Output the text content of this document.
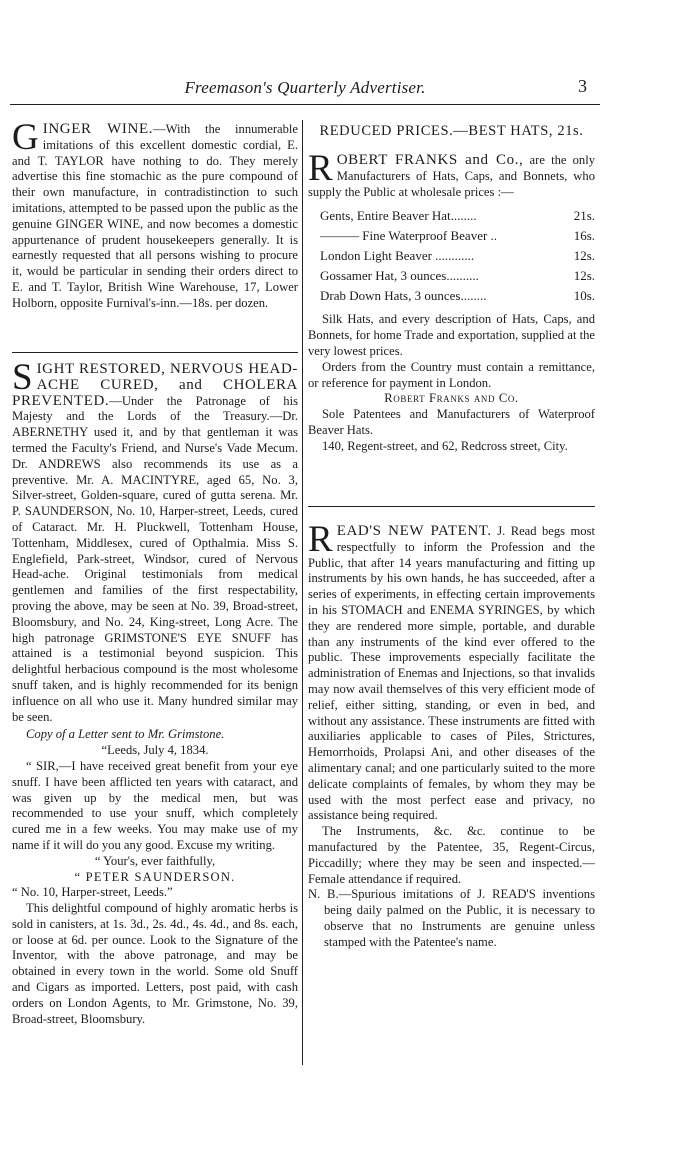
Freemason's Quarterly Advertiser.	3

GINGER WINE.—With the innumerable imitations of this excellent domestic cordial, E. and T. TAYLOR have nothing to do. They merely advertise this fine stomachic as the pure compound of their own manufacture, in contradistinction to such imitations, attempted to be passed upon the public as the genuine GINGER WINE, and now becomes a domestic appurtenance of prudent housekeepers generally. It is earnestly requested that all persons wishing to procure it, would be particular in sending their orders direct to E. and T. Taylor, British Wine Warehouse, 17, Lower Holborn, opposite Furnival's-inn.—18s. per dozen.

SIGHT RESTORED, NERVOUS HEAD-ACHE CURED, and CHOLERA PREVENTED.—Under the Patronage of his Majesty and the Lords of the Treasury.—Dr. ABERNETHY used it, and by that gentleman it was termed the Faculty's Friend, and Nurse's Vade Mecum. Dr. ANDREWS also recommends its use as a preventive. Mr. A. MACINTYRE, aged 65, No. 3, Silver-street, Golden-square, cured of gutta serena. Mr. P. SAUNDERSON, No. 10, Harper-street, Leeds, cured of Cataract. Mr. H. Pluckwell, Tottenham House, Tottenham, Middlesex, cured of Opthalmia. Miss S. Englefield, Park-street, Windsor, cured of Nervous Head-ache. Original testimonials from medical gentlemen and families of the first respectability, proving the above, may be seen at No. 39, Broad-street, Bloomsbury, and No. 24, King-street, Long Acre. The high patronage GRIMSTONE'S EYE SNUFF has attained is a testimonial beyond suspicion. This delightful herbacious compound is the most wholesome snuff taken, and is highly recommended for its benign influence on all who use it. Many hundred similar may be seen.

Copy of a Letter sent to Mr. Grimstone.

“Leeds, July 4, 1834.

“ SIR,—I have received great benefit from your eye snuff. I have been afflicted ten years with cataract, and was given up by the medical men, but was recommended to use your snuff, which completely cured me in a few weeks. You may make use of my name if it will do you any good. Excuse my writing.

“ Your's, ever faithfully,

“ PETER SAUNDERSON.

“ No. 10, Harper-street, Leeds.”

This delightful compound of highly aromatic herbs is sold in canisters, at 1s. 3d., 2s. 4d., 4s. 4d., and 8s. each, or loose at 6d. per ounce. Look to the Signature of the Inventor, with the above patronage, and may be obtained in every town in the world. Some old Snuff and Cigars as imported. Letters, post paid, with cash orders on London Agents, to Mr. Grimstone, No. 39, Broad-street, Bloomsbury.

REDUCED PRICES.—BEST HATS, 21s.

ROBERT FRANKS and Co., are the only Manufacturers of Hats, Caps, and Bonnets, who supply the Public at wholesale prices :—

Gents, Entire Beaver Hat........	21s.
——— Fine Waterproof Beaver ..	16s.
London Light Beaver ............	12s.
Gossamer Hat, 3 ounces..........	12s.
Drab Down Hats, 3 ounces........	10s.

Silk Hats, and every description of Hats, Caps, and Bonnets, for home Trade and exportation, supplied at the very lowest prices.

Orders from the Country must contain a remittance, or reference for payment in London.

Robert Franks and Co.

Sole Patentees and Manufacturers of Waterproof Beaver Hats.

140, Regent-street, and 62, Redcross street, City.

READ'S NEW PATENT. J. Read begs most respectfully to inform the Profession and the Public, that after 14 years manufacturing and fitting up instruments by his own hands, he has succeeded, after a series of experiments, in effecting certain improvements in his STOMACH and ENEMA SYRINGES, by which they are rendered more simple, portable, and durable than any instruments of the kind ever offered to the public. These improvements especially facilitate the administration of Enemas and Injections, so that invalids may now avail themselves of this very efficient mode of relief, either sitting, standing, or even in bed, and without any assistance. These instruments are fitted with auxiliaries applicable to cases of Piles, Strictures, Hemorrhoids, Prolapsi Ani, and other diseases of the alimentary canal; and one particularly suited to the more delicate complaints of females, by whom they may be used with the most perfect ease and privacy, no assistance being required.

The Instruments, &c. &c. continue to be manufactured by the Patentee, 35, Regent-Circus, Piccadilly; where they may be seen and inspected.—Female attendance if required.

N. B.—Spurious imitations of J. READ'S inventions being daily palmed on the Public, it is necessary to observe that no Instruments are genuine unless stamped with the Patentee's name.
